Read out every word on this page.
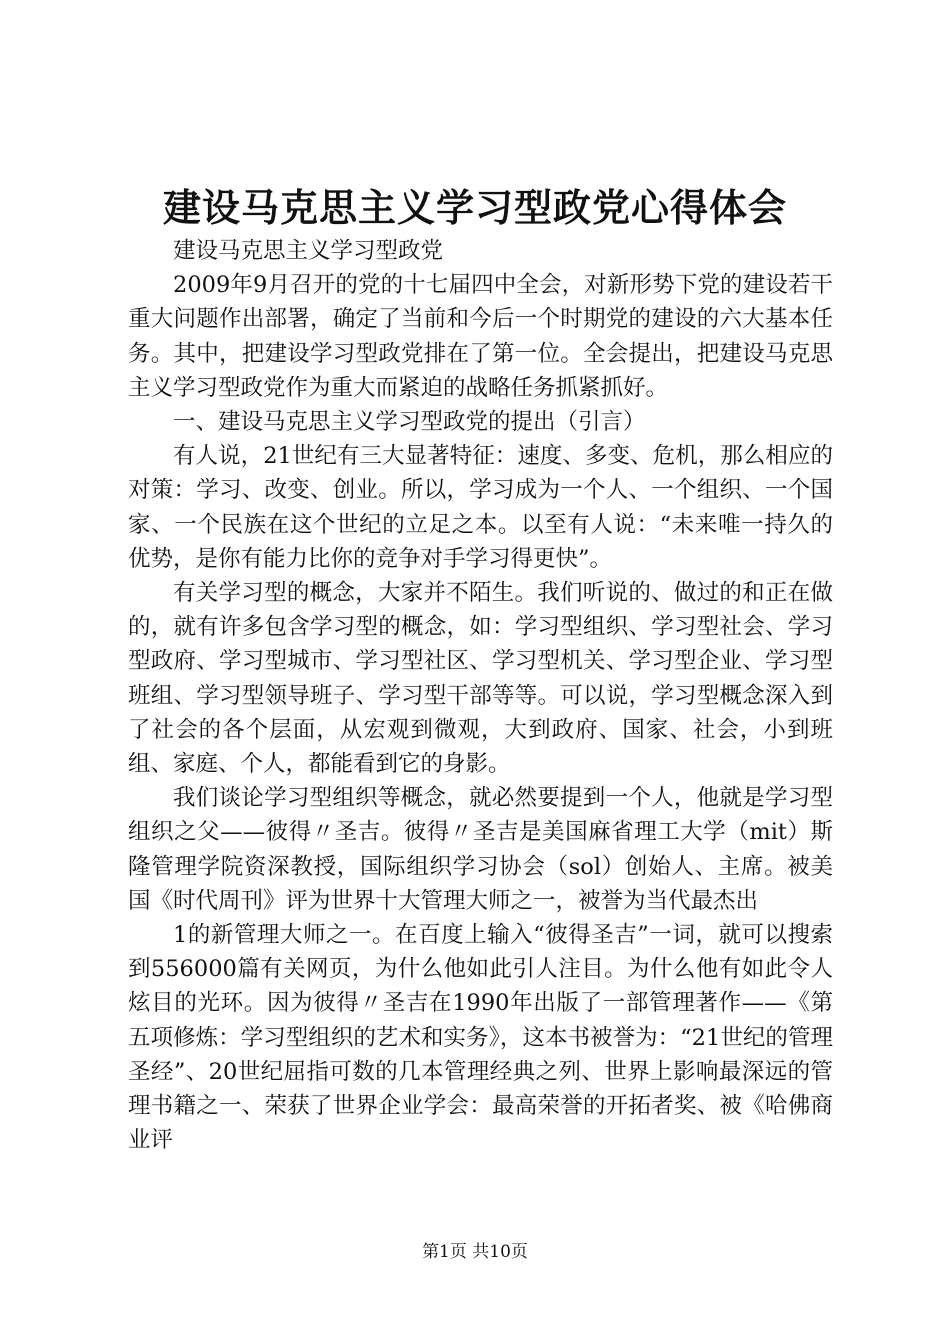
建设马克思主义学习型政党心得体会

建设马克思主义学习型政党

2009年9月召开的党的十七届四中全会，对新形势下党的建设若干重大问题作出部署，确定了当前和今后一个时期党的建设的六大基本任务。其中，把建设学习型政党排在了第一位。全会提出，把建设马克思主义学习型政党作为重大而紧迫的战略任务抓紧抓好。

一、建设马克思主义学习型政党的提出（引言）

有人说，21世纪有三大显著特征：速度、多变、危机，那么相应的对策：学习、改变、创业。所以，学习成为一个人、一个组织、一个国家、一个民族在这个世纪的立足之本。以至有人说：“未来唯一持久的优势，是你有能力比你的竞争对手学习得更快”。

有关学习型的概念，大家并不陌生。我们听说的、做过的和正在做的，就有许多包含学习型的概念，如：学习型组织、学习型社会、学习型政府、学习型城市、学习型社区、学习型机关、学习型企业、学习型班组、学习型领导班子、学习型干部等等。可以说，学习型概念深入到了社会的各个层面，从宏观到微观，大到政府、国家、社会，小到班组、家庭、个人，都能看到它的身影。

我们谈论学习型组织等概念，就必然要提到一个人，他就是学习型组织之父——彼得〃圣吉。彼得〃圣吉是美国麻省理工大学（mit）斯隆管理学院资深教授，国际组织学习协会（sol）创始人、主席。被美国《时代周刊》评为世界十大管理大师之一，被誉为当代最杰出

1的新管理大师之一。在百度上输入“彼得圣吉”一词，就可以搜索到556000篇有关网页，为什么他如此引人注目。为什么他有如此令人炫目的光环。因为彼得〃圣吉在1990年出版了一部管理著作——《第五项修炼：学习型组织的艺术和实务》，这本书被誉为：“21世纪的管理圣经”、20世纪屈指可数的几本管理经典之列、世界上影响最深远的管理书籍之一、荣获了世界企业学会：最高荣誉的开拓者奖、被《哈佛商业评

第1页 共10页
